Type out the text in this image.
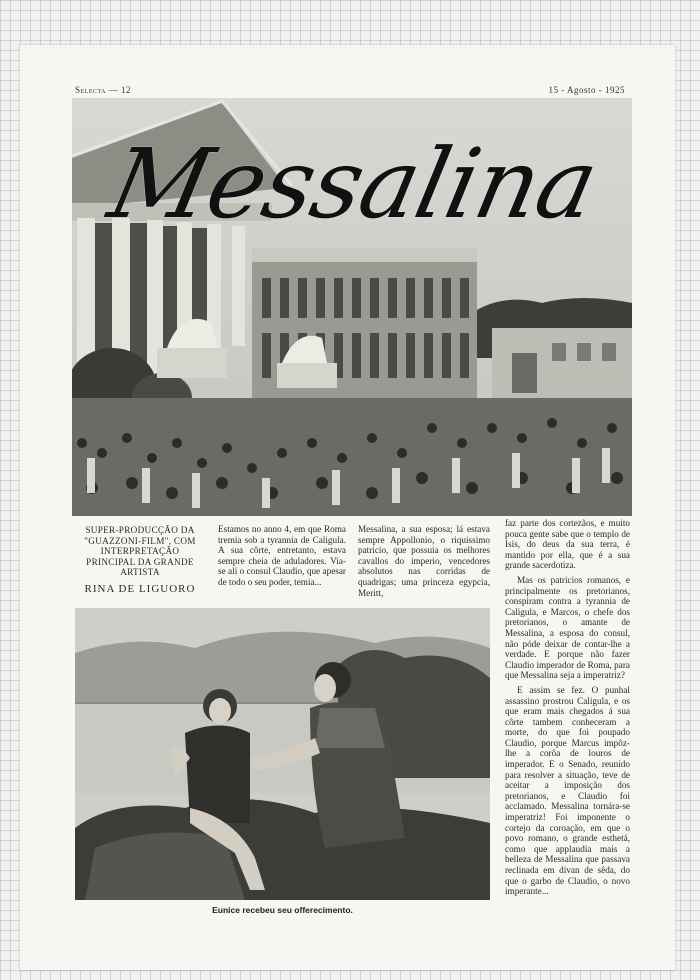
Selecta — 12	15 - Agosto - 1925
Messalina
SUPER-PRODUCÇÃO DA "GUAZZONI-FILM", COM INTERPRETAÇÃO PRINCIPAL DA GRANDE ARTISTA
RINA DE LIGUORO

Estamos no anno 4, em que Roma tremia sob a tyrannia de Caligula. A sua côrte, entretanto, estava sempre cheia de aduladores. Via-se ali o consul Claudio, que apesar de todo o seu poder, temia...

Messalina, a sua esposa; lá estava sempre Appollonio, o riquissimo patricio, que possuia os melhores cavallos do imperio, vencedores absolutos nas corridas de quadrigas; uma princeza egypcia, Meritt,

faz parte dos cortezãos, e muito pouca gente sabe que o templo de Isis, do deus da sua terra, é mantido por ella, que é a sua grande sacerdotiza.

Mas os patricios romanos, e principalmente os pretorianos, conspiram contra a tyrannia de Caligula, e Marcos, o chefe dos pretorianos, o amante de Messalina, a esposa do consul, não póde deixar de contar-lhe a verdade. E porque não fazer Claudio imperador de Roma, para que Messalina seja a imperatriz?

E assim se fez. O punhal assassino prostrou Caligula, e os que eram mais chegados á sua côrte tambem conheceram a morte, do que foi poupado Claudio, porque Marcus impôz-lhe a corôa de louros de imperador. E o Senado, reunido para resolver a situação, teve de aceitar a imposição dos pretorianos, e Claudio foi acclamado. Messalina tornára-se imperatriz! Foi imponente o cortejo da coroação, em que o povo romano, o grande esthetá, como que applaudia mais a belleza de Messalina que passava reclinada em divan de sêda, do que o garbo de Claudio, o novo imperante...

Eunice recebeu seu offerecimento.
